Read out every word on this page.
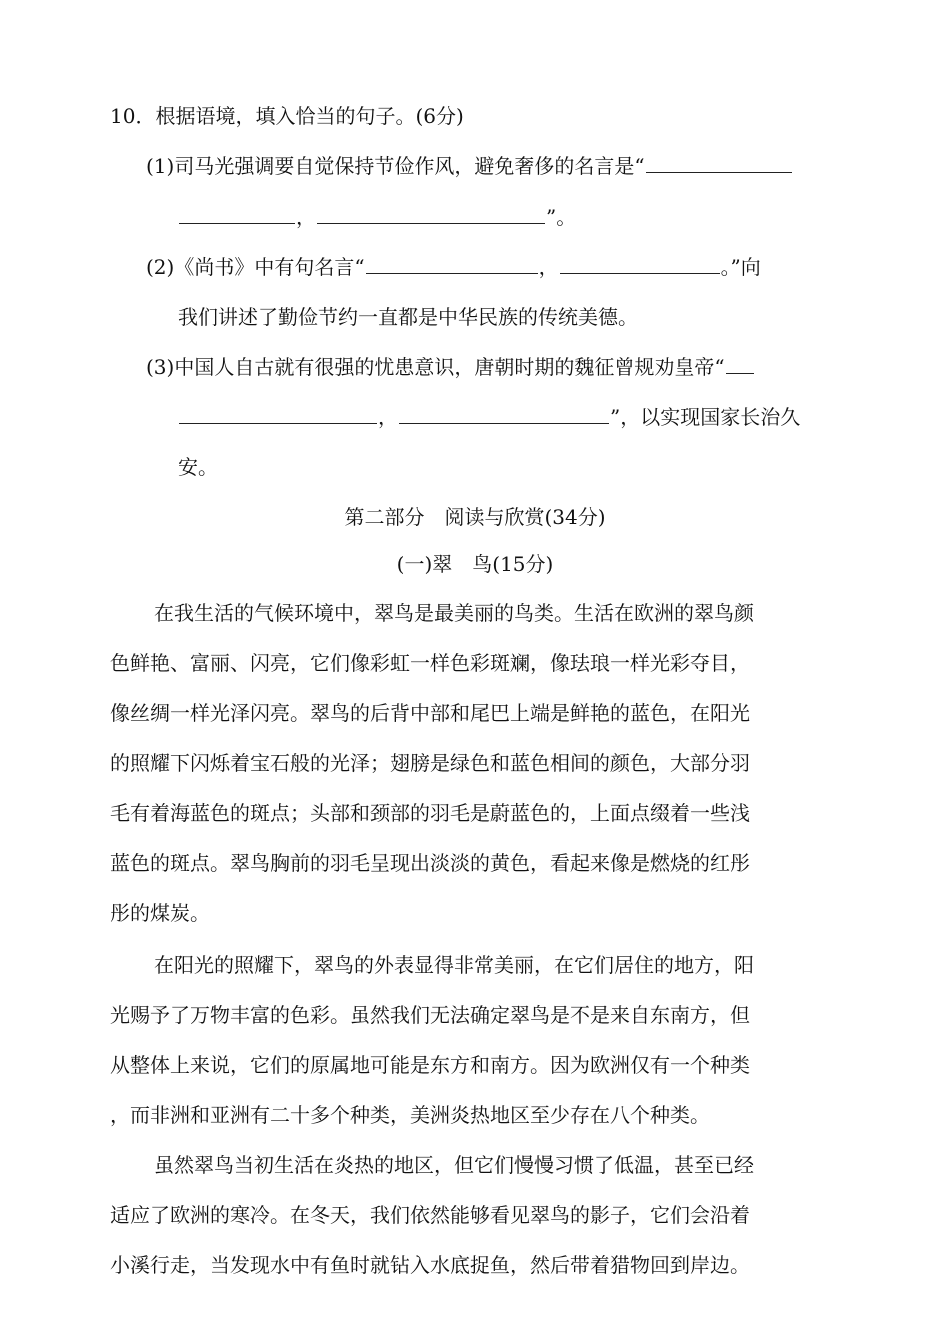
10．根据语境，填入恰当的句子。(6分)
(1)司马光强调要自觉保持节俭作风，避免奢侈的名言是“
，	”。
(2)《尚书》中有句名言“	，	。”向
我们讲述了勤俭节约一直都是中华民族的传统美德。
(3)中国人自古就有很强的忧患意识，唐朝时期的魏征曾规劝皇帝“
，	”，以实现国家长治久
安。
第二部分　阅读与欣赏(34分)
(一)翠　鸟(15分)
在我生活的气候环境中，翠鸟是最美丽的鸟类。生活在欧洲的翠鸟颜
色鲜艳、富丽、闪亮，它们像彩虹一样色彩斑斓，像珐琅一样光彩夺目，
像丝绸一样光泽闪亮。翠鸟的后背中部和尾巴上端是鲜艳的蓝色，在阳光
的照耀下闪烁着宝石般的光泽；翅膀是绿色和蓝色相间的颜色，大部分羽
毛有着海蓝色的斑点；头部和颈部的羽毛是蔚蓝色的，上面点缀着一些浅
蓝色的斑点。翠鸟胸前的羽毛呈现出淡淡的黄色，看起来像是燃烧的红彤
彤的煤炭。
在阳光的照耀下，翠鸟的外表显得非常美丽，在它们居住的地方，阳
光赐予了万物丰富的色彩。虽然我们无法确定翠鸟是不是来自东南方，但
从整体上来说，它们的原属地可能是东方和南方。因为欧洲仅有一个种类
，而非洲和亚洲有二十多个种类，美洲炎热地区至少存在八个种类。
虽然翠鸟当初生活在炎热的地区，但它们慢慢习惯了低温，甚至已经
适应了欧洲的寒冷。在冬天，我们依然能够看见翠鸟的影子，它们会沿着
小溪行走，当发现水中有鱼时就钻入水底捉鱼，然后带着猎物回到岸边。
